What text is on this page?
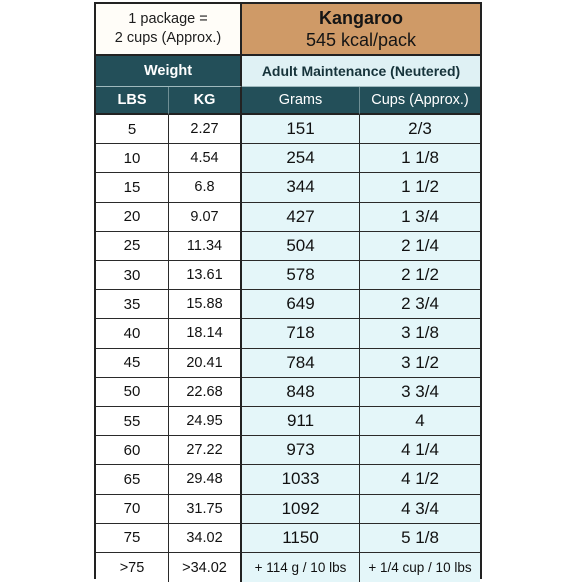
1 package =
2 cups (Approx.)
Kangaroo
545 kcal/pack
Weight	Adult Maintenance (Neutered)
LBS	KG	Grams	Cups (Approx.)
5	2.27	151	2/3
10	4.54	254	1 1/8
15	6.8	344	1 1/2
20	9.07	427	1 3/4
25	11.34	504	2 1/4
30	13.61	578	2 1/2
35	15.88	649	2 3/4
40	18.14	718	3 1/8
45	20.41	784	3 1/2
50	22.68	848	3 3/4
55	24.95	911	4
60	27.22	973	4 1/4
65	29.48	1033	4 1/2
70	31.75	1092	4 3/4
75	34.02	1150	5 1/8
>75	>34.02	+ 114 g / 10 lbs	+ 1/4 cup / 10 lbs
